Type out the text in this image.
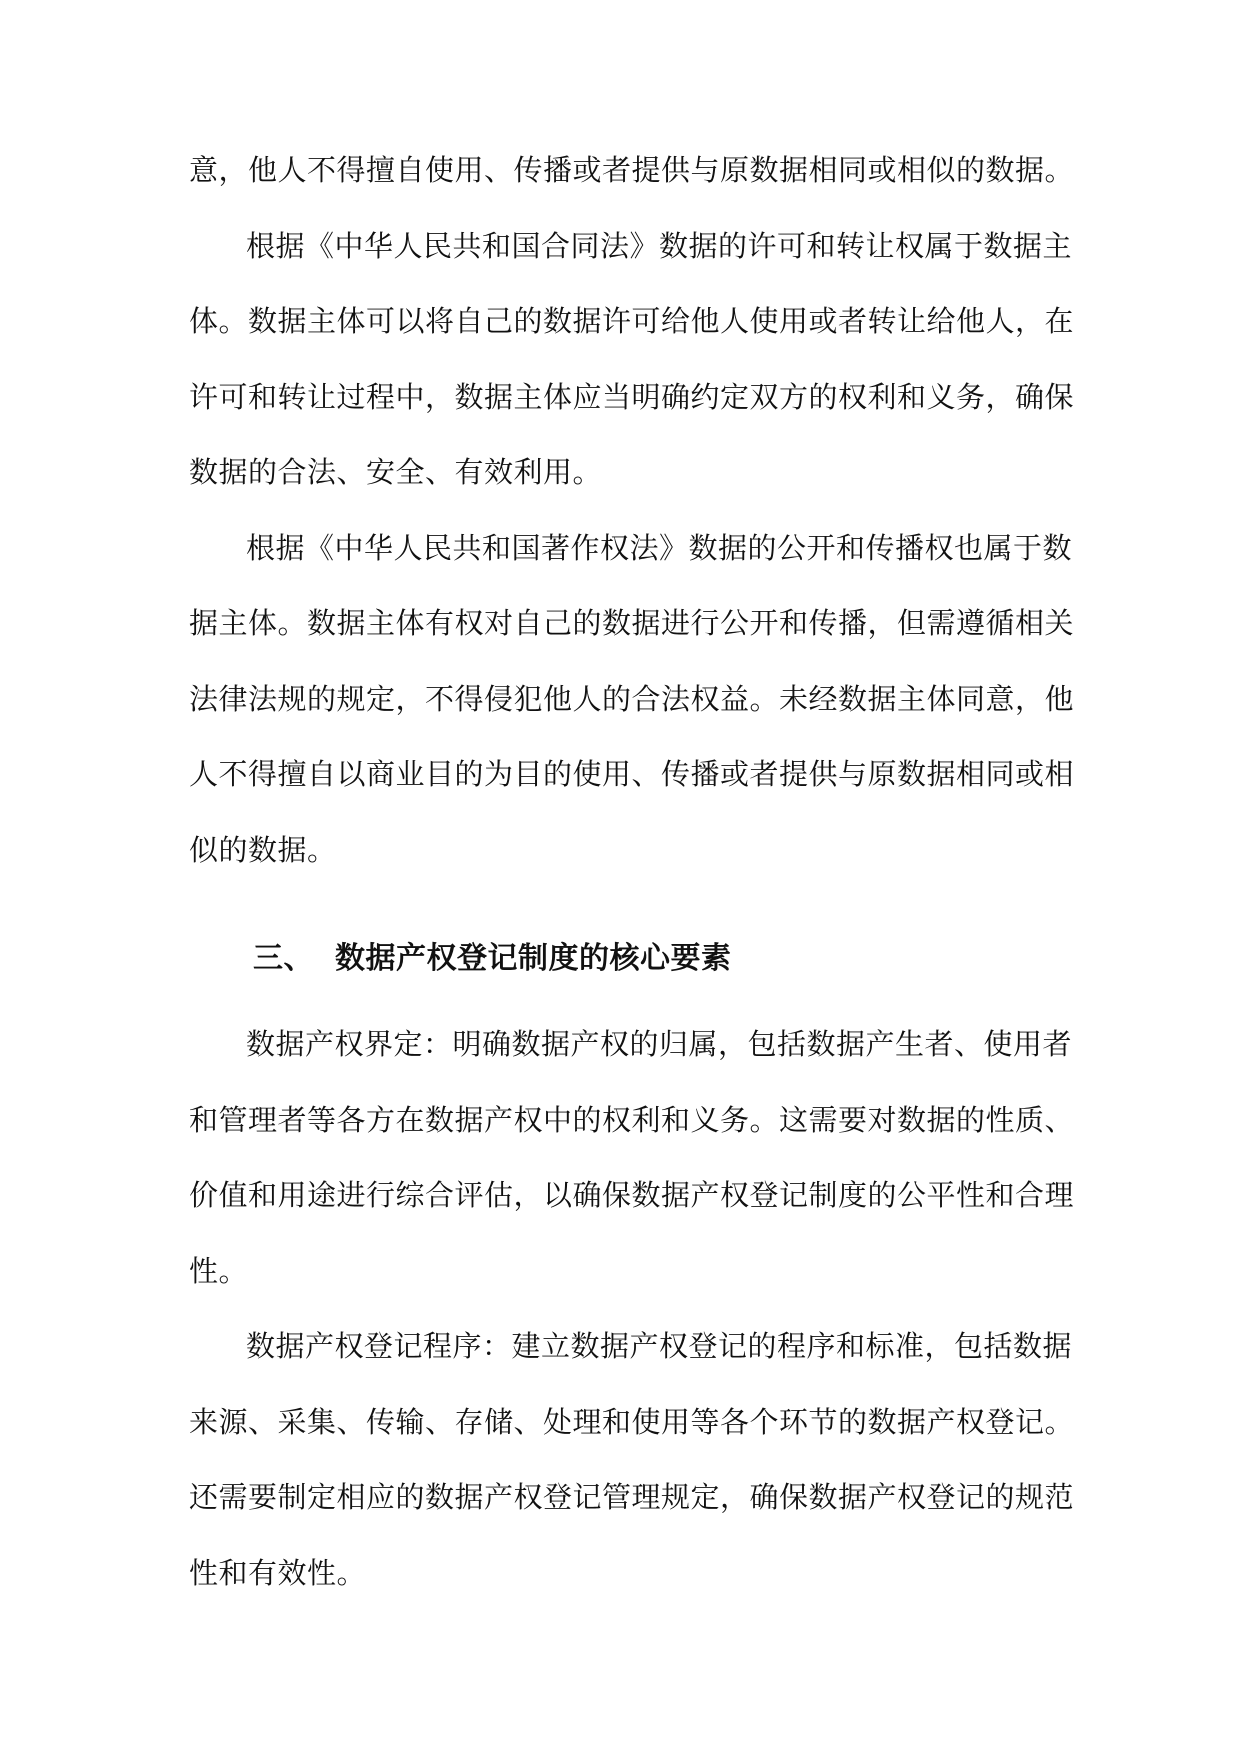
意，他人不得擅自使用、传播或者提供与原数据相同或相似的数据。
根据《中华人民共和国合同法》数据的许可和转让权属于数据主
体。数据主体可以将自己的数据许可给他人使用或者转让给他人，在
许可和转让过程中，数据主体应当明确约定双方的权利和义务，确保
数据的合法、安全、有效利用。
根据《中华人民共和国著作权法》数据的公开和传播权也属于数
据主体。数据主体有权对自己的数据进行公开和传播，但需遵循相关
法律法规的规定，不得侵犯他人的合法权益。未经数据主体同意，他
人不得擅自以商业目的为目的使用、传播或者提供与原数据相同或相
似的数据。
三、 数据产权登记制度的核心要素
数据产权界定：明确数据产权的归属，包括数据产生者、使用者
和管理者等各方在数据产权中的权利和义务。这需要对数据的性质、
价值和用途进行综合评估，以确保数据产权登记制度的公平性和合理
性。
数据产权登记程序：建立数据产权登记的程序和标准，包括数据
来源、采集、传输、存储、处理和使用等各个环节的数据产权登记。
还需要制定相应的数据产权登记管理规定，确保数据产权登记的规范
性和有效性。
